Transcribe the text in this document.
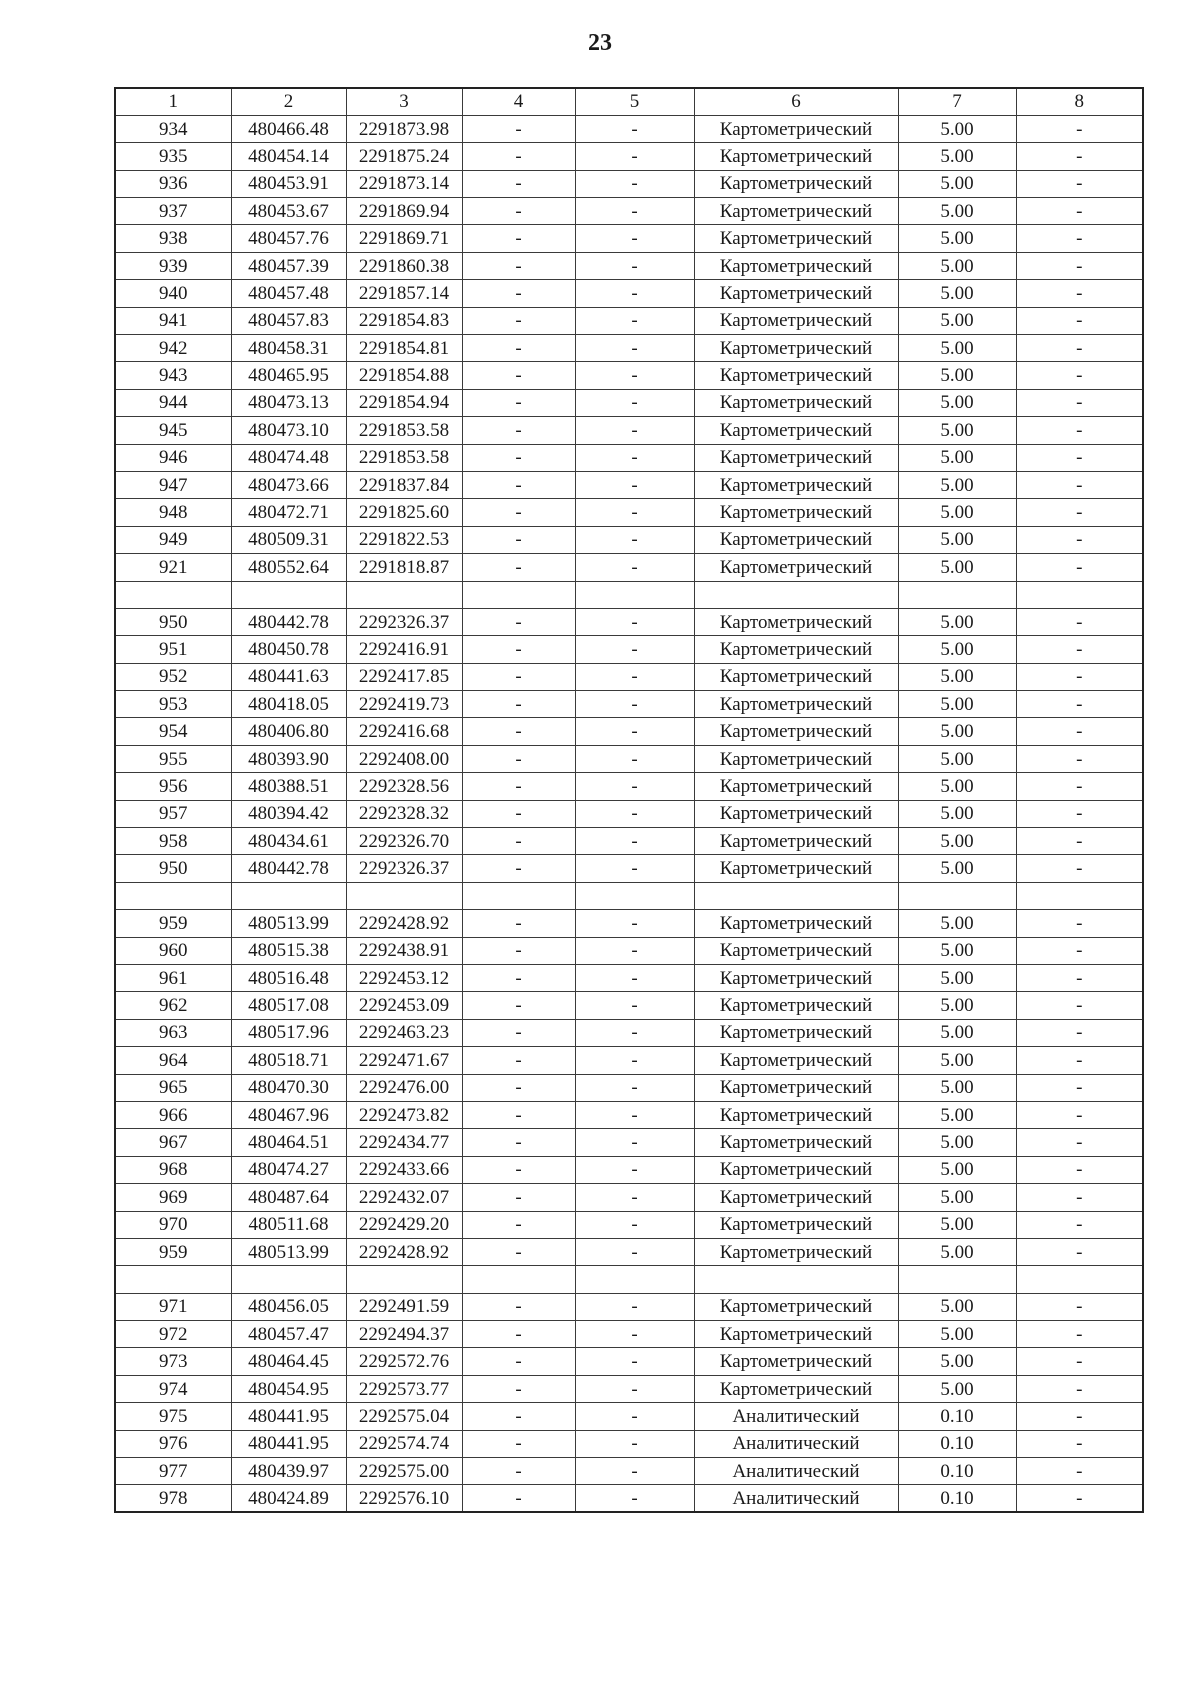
23
1	2	3	4	5	6	7	8
934	480466.48	2291873.98	-	-	Картометрический	5.00	-
935	480454.14	2291875.24	-	-	Картометрический	5.00	-
936	480453.91	2291873.14	-	-	Картометрический	5.00	-
937	480453.67	2291869.94	-	-	Картометрический	5.00	-
938	480457.76	2291869.71	-	-	Картометрический	5.00	-
939	480457.39	2291860.38	-	-	Картометрический	5.00	-
940	480457.48	2291857.14	-	-	Картометрический	5.00	-
941	480457.83	2291854.83	-	-	Картометрический	5.00	-
942	480458.31	2291854.81	-	-	Картометрический	5.00	-
943	480465.95	2291854.88	-	-	Картометрический	5.00	-
944	480473.13	2291854.94	-	-	Картометрический	5.00	-
945	480473.10	2291853.58	-	-	Картометрический	5.00	-
946	480474.48	2291853.58	-	-	Картометрический	5.00	-
947	480473.66	2291837.84	-	-	Картометрический	5.00	-
948	480472.71	2291825.60	-	-	Картометрический	5.00	-
949	480509.31	2291822.53	-	-	Картометрический	5.00	-
921	480552.64	2291818.87	-	-	Картометрический	5.00	-

950	480442.78	2292326.37	-	-	Картометрический	5.00	-
951	480450.78	2292416.91	-	-	Картометрический	5.00	-
952	480441.63	2292417.85	-	-	Картометрический	5.00	-
953	480418.05	2292419.73	-	-	Картометрический	5.00	-
954	480406.80	2292416.68	-	-	Картометрический	5.00	-
955	480393.90	2292408.00	-	-	Картометрический	5.00	-
956	480388.51	2292328.56	-	-	Картометрический	5.00	-
957	480394.42	2292328.32	-	-	Картометрический	5.00	-
958	480434.61	2292326.70	-	-	Картометрический	5.00	-
950	480442.78	2292326.37	-	-	Картометрический	5.00	-

959	480513.99	2292428.92	-	-	Картометрический	5.00	-
960	480515.38	2292438.91	-	-	Картометрический	5.00	-
961	480516.48	2292453.12	-	-	Картометрический	5.00	-
962	480517.08	2292453.09	-	-	Картометрический	5.00	-
963	480517.96	2292463.23	-	-	Картометрический	5.00	-
964	480518.71	2292471.67	-	-	Картометрический	5.00	-
965	480470.30	2292476.00	-	-	Картометрический	5.00	-
966	480467.96	2292473.82	-	-	Картометрический	5.00	-
967	480464.51	2292434.77	-	-	Картометрический	5.00	-
968	480474.27	2292433.66	-	-	Картометрический	5.00	-
969	480487.64	2292432.07	-	-	Картометрический	5.00	-
970	480511.68	2292429.20	-	-	Картометрический	5.00	-
959	480513.99	2292428.92	-	-	Картометрический	5.00	-

971	480456.05	2292491.59	-	-	Картометрический	5.00	-
972	480457.47	2292494.37	-	-	Картометрический	5.00	-
973	480464.45	2292572.76	-	-	Картометрический	5.00	-
974	480454.95	2292573.77	-	-	Картометрический	5.00	-
975	480441.95	2292575.04	-	-	Аналитический	0.10	-
976	480441.95	2292574.74	-	-	Аналитический	0.10	-
977	480439.97	2292575.00	-	-	Аналитический	0.10	-
978	480424.89	2292576.10	-	-	Аналитический	0.10	-
